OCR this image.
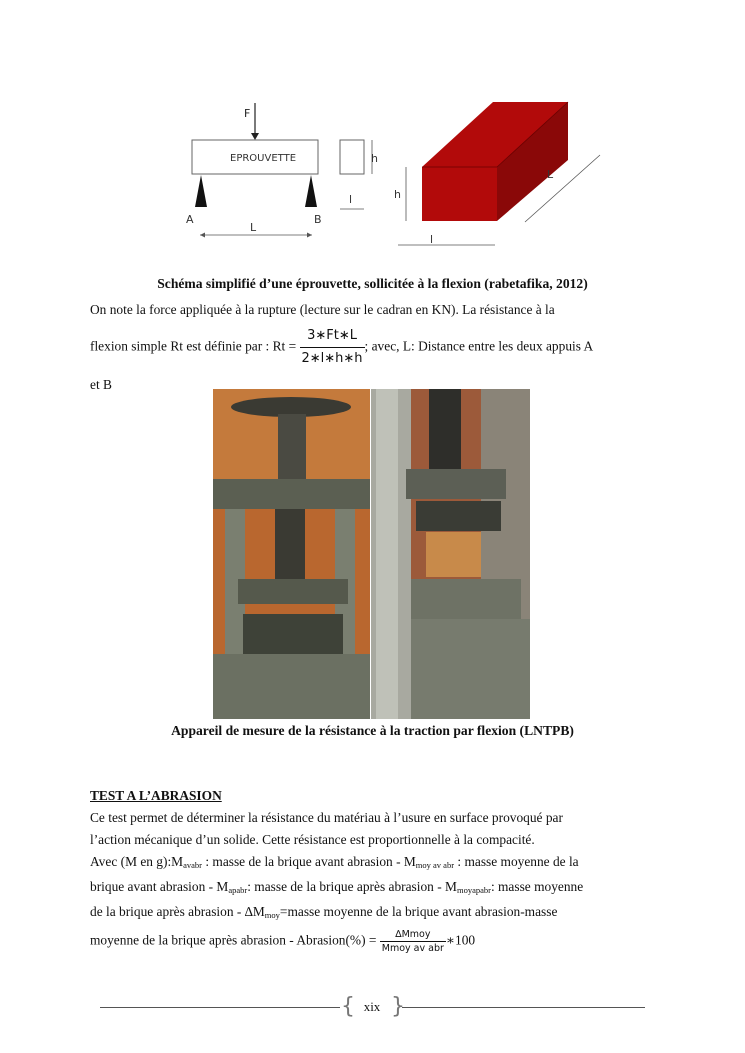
F
EPROUVETTE
A	B
L
h
l	h
l
L
Schéma simplifié d’une éprouvette, sollicitée à la flexion (rabetafika, 2012)
On note la force appliquée à la rupture (lecture sur le cadran en KN). La résistance à la
flexion simple Rt est définie par : $Rt = \frac{3∗Ft∗L}{2∗l∗h∗h}$ ; avec, L: Distance entre les deux appuis A
et B
Appareil de mesure de la résistance à la traction par flexion (LNTPB)
TEST A L’ABRASION
Ce test permet de déterminer la résistance du matériau à l’usure en surface provoqué par
l’action mécanique d’un solide. Cette résistance est proportionnelle à la compacité.
Avec (M en $g):M_{avabr}$ : masse de la brique avant abrasion - $M_{moy av abr}$ : masse moyenne de la
brique avant abrasion - $M_{apabr}$: masse de la brique après abrasion - $M_{moyapabr}$: masse moyenne
de la brique après abrasion - $\Delta M_{moy}=masse$ moyenne de la brique avant abrasion-masse
moyenne de la brique après abrasion - Abrasion(%) = $\frac{\text{∆Mmoy}}{\text{Mmoy av abr}}$ ∗100
{ xix }
